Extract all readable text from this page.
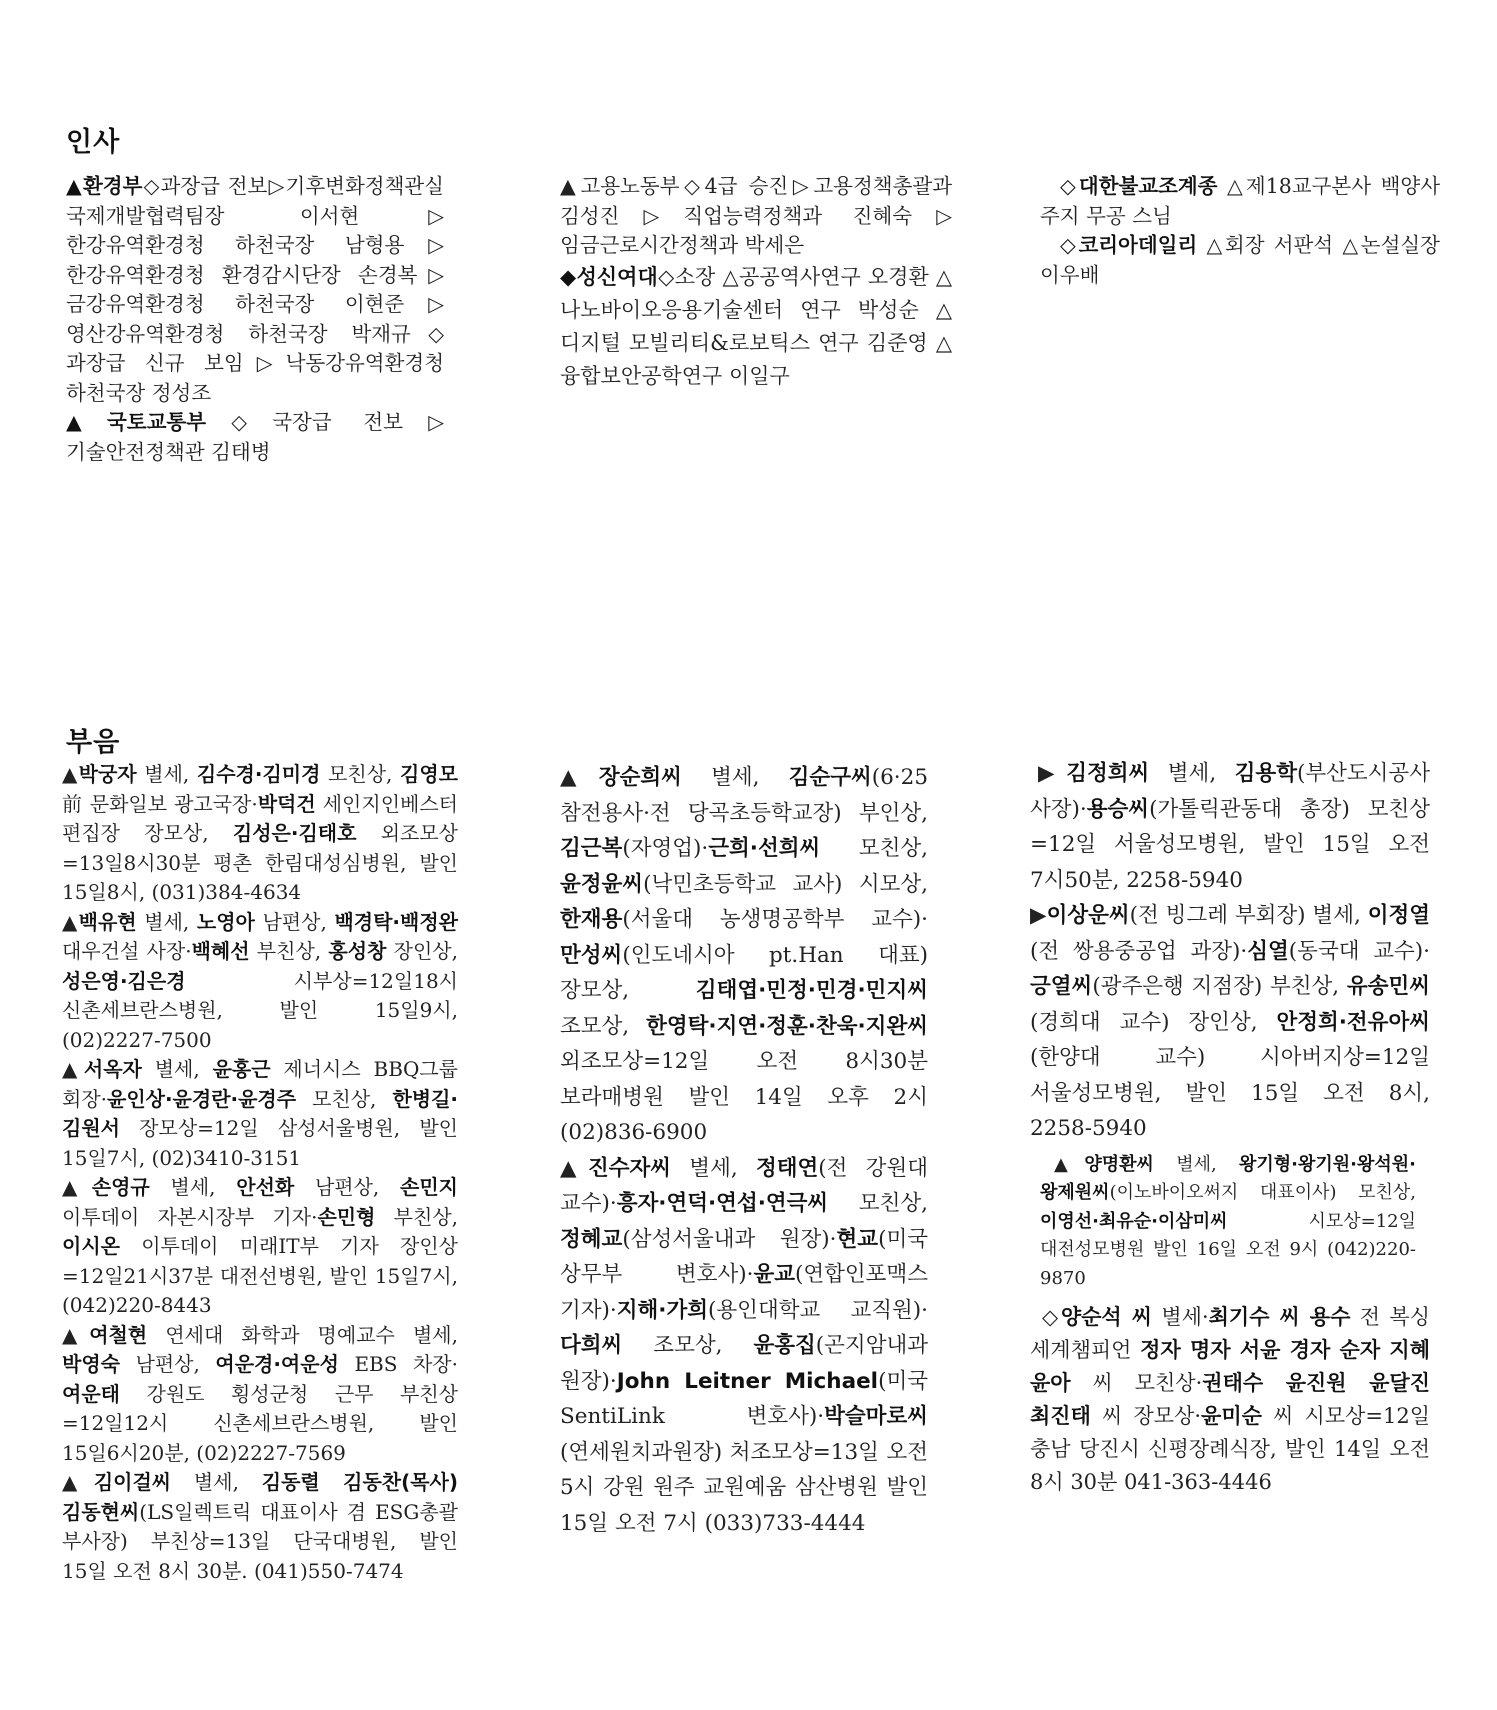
인사

▲환경부◇과장급 전보▷기후변화정책관실 국제개발협력팀장 이서현▷한강유역환경청 하천국장 남형용▷한강유역환경청 환경감시단장 손경복▷금강유역환경청 하천국장 이현준▷영산강유역환경청 하천국장 박재규◇과장급 신규 보임▷낙동강유역환경청 하천국장 정성조

▲국토교통부◇국장급 전보▷기술안전정책관 김태병

▲고용노동부◇4급 승진▷고용정책총괄과 김성진▷직업능력정책과 진혜숙▷임금근로시간정책과 박세은

◆성신여대◇소장 △공공역사연구 오경환 △나노바이오응용기술센터 연구 박성순 △디지털 모빌리티&로보틱스 연구 김준영 △융합보안공학연구 이일구

◇대한불교조계종 △제18교구본사 백양사 주지 무공 스님

◇코리아데일리 △회장 서판석 △논설실장 이우배

부음

▲박궁자 별세, 김수경·김미경 모친상, 김영모 前 문화일보 광고국장·박덕건 세인지인베스터 편집장 장모상, 김성은·김태호 외조모상=13일8시30분 평촌 한림대성심병원, 발인 15일8시, (031)384-4634

▲백유현 별세, 노영아 남편상, 백경탁·백정완 대우건설 사장·백혜선 부친상, 홍성창 장인상, 성은영·김은경 시부상=12일18시 신촌세브란스병원, 발인 15일9시, (02)2227-7500

▲서옥자 별세, 윤홍근 제너시스 BBQ그룹 회장·윤인상·윤경란·윤경주 모친상, 한병길·김원서 장모상=12일 삼성서울병원, 발인 15일7시, (02)3410-3151

▲손영규 별세, 안선화 남편상, 손민지 이투데이 자본시장부 기자·손민형 부친상, 이시온 이투데이 미래IT부 기자 장인상=12일21시37분 대전선병원, 발인 15일7시, (042)220-8443

▲여철현 연세대 화학과 명예교수 별세, 박영숙 남편상, 여운경·여운성 EBS 차장·여운태 강원도 횡성군청 근무 부친상=12일12시 신촌세브란스병원, 발인 15일6시20분, (02)2227-7569

▲김이걸씨 별세, 김동렬 김동찬(목사) 김동현씨(LS일렉트릭 대표이사 겸 ESG총괄 부사장) 부친상=13일 단국대병원, 발인 15일 오전 8시 30분. (041)550-7474

▲장순희씨 별세, 김순구씨(6·25 참전용사·전 당곡초등학교장) 부인상, 김근복(자영업)·근희·선희씨 모친상, 윤정윤씨(낙민초등학교 교사) 시모상, 한재용(서울대 농생명공학부 교수)·만성씨(인도네시아 pt.Han 대표) 장모상, 김태엽·민정·민경·민지씨 조모상, 한영탁·지연·정훈·찬욱·지완씨 외조모상=12일 오전 8시30분 보라매병원 발인 14일 오후 2시 (02)836-6900

▲진수자씨 별세, 정태연(전 강원대 교수)·흥자·연덕·연섭·연극씨 모친상, 정혜교(삼성서울내과 원장)·현교(미국 상무부 변호사)·윤교(연합인포맥스 기자)·지해·가희(용인대학교 교직원)·다희씨 조모상, 윤홍집(곤지암내과 원장)·John Leitner Michael(미국 SentiLink 변호사)·박슬마로씨(연세원치과원장) 처조모상=13일 오전 5시 강원 원주 교원예움 삼산병원 발인 15일 오전 7시 (033)733-4444

▶김정희씨 별세, 김용학(부산도시공사 사장)·용승씨(가톨릭관동대 총장) 모친상=12일 서울성모병원, 발인 15일 오전 7시50분, 2258-5940

▶이상운씨(전 빙그레 부회장) 별세, 이정열(전 쌍용중공업 과장)·심열(동국대 교수)·긍열씨(광주은행 지점장) 부친상, 유송민씨(경희대 교수) 장인상, 안정희·전유아씨(한양대 교수) 시아버지상=12일 서울성모병원, 발인 15일 오전 8시, 2258-5940

▲양명환씨 별세, 왕기형·왕기원·왕석원·왕제원씨(이노바이오써지 대표이사) 모친상, 이영선·최유순·이삼미씨 시모상=12일 대전성모병원 발인 16일 오전 9시 (042)220-9870

◇양순석 씨 별세·최기수 씨 용수 전 복싱 세계챔피언 정자 명자 서윤 경자 순자 지혜 윤아 씨 모친상·권태수 윤진원 윤달진 최진태 씨 장모상·윤미순 씨 시모상=12일 충남 당진시 신평장례식장, 발인 14일 오전 8시 30분 041-363-4446
